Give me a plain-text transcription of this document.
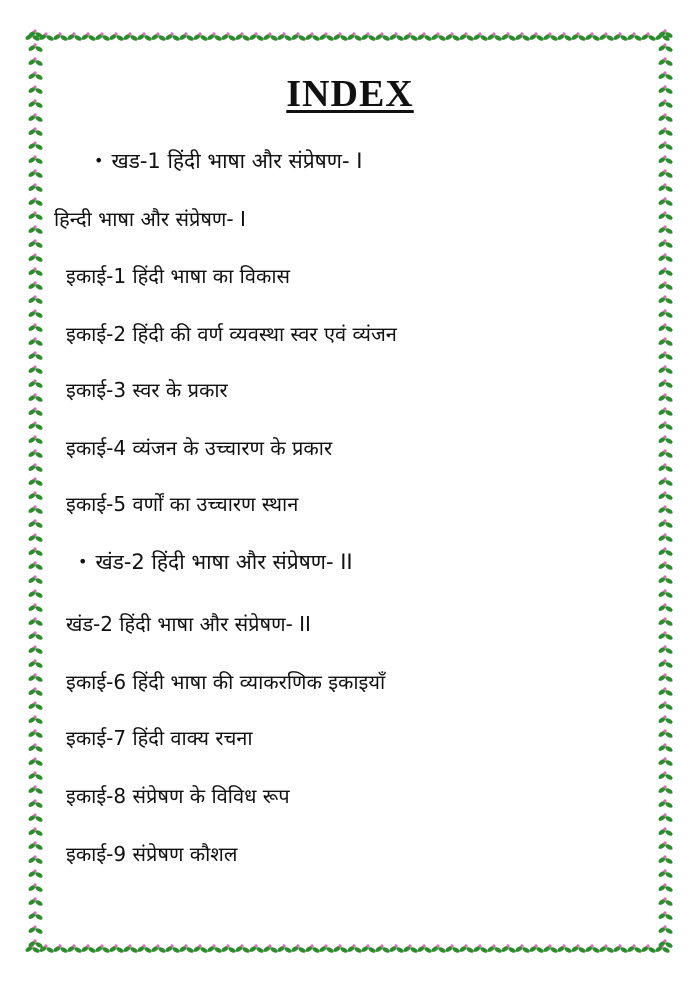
INDEX
• खड-1 हिंदी भाषा और संप्रेषण- I
हिन्दी भाषा और संप्रेषण- I
इकाई-1 हिंदी भाषा का विकास
इकाई-2 हिंदी की वर्ण व्यवस्था स्वर एवं व्यंजन
इकाई-3 स्वर के प्रकार
इकाई-4 व्यंजन के उच्चारण के प्रकार
इकाई-5 वर्णों का उच्चारण स्थान
• खंड-2 हिंदी भाषा और संप्रेषण- II
खंड-2 हिंदी भाषा और संप्रेषण- II
इकाई-6 हिंदी भाषा की व्याकरणिक इकाइयाँ
इकाई-7 हिंदी वाक्य रचना
इकाई-8 संप्रेषण के विविध रूप
इकाई-9 संप्रेषण कौशल
